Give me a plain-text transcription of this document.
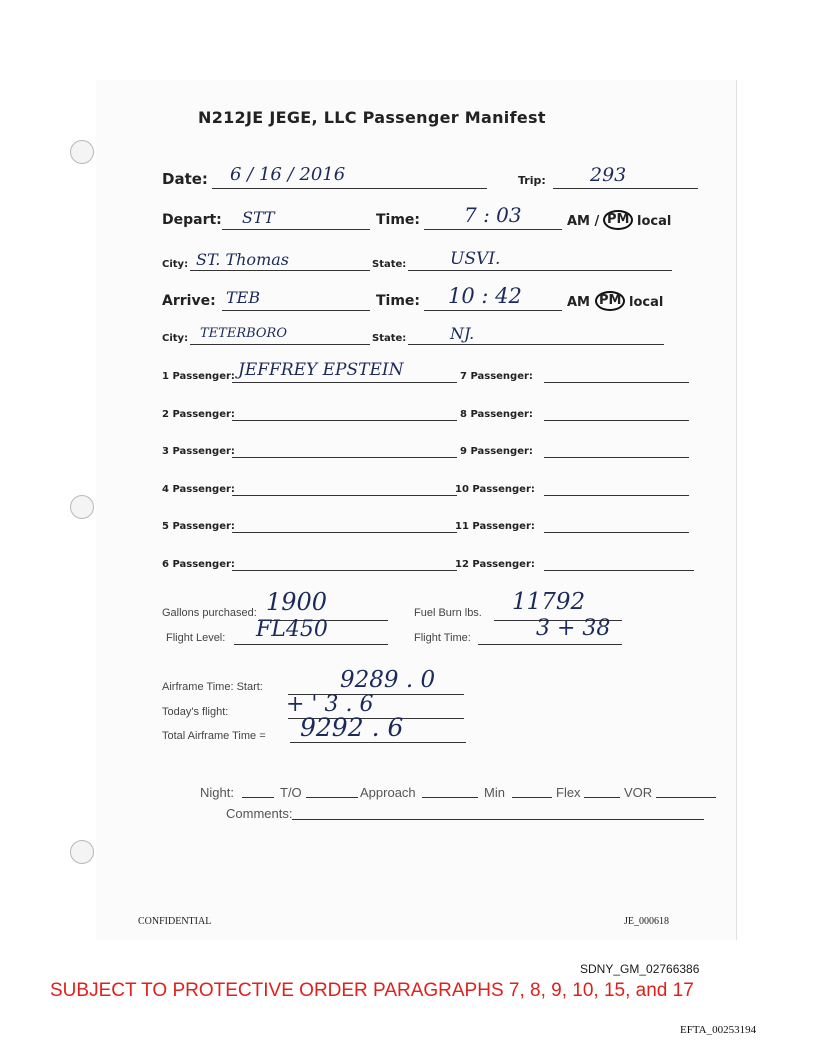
N212JE JEGE, LLC Passenger Manifest
Date: 6 / 16 / 2016	Trip: 293
Depart: STT	Time: 7 : 03	AM / PM local
City: ST. Thomas	State:	USVI.
Arrive: TEB	Time: 10 : 42	AM PM local
City: TETERBORO	State:	NJ.
1 Passenger: JEFFREY EPSTEIN
2 Passenger:
3 Passenger:
4 Passenger:
5 Passenger:
6 Passenger:
7 Passenger:
8 Passenger:
9 Passenger:
10 Passenger:
11 Passenger:
12 Passenger:
Gallons purchased: 1900	Fuel Burn lbs. 11792
Flight Level: FL450	Flight Time:	3 + 38
Airframe Time: Start:	9289 . 0
Today's flight:	+ ' 3 . 6
Total Airframe Time = 9292 . 6
Night:	T/O	Approach	Min	Flex	VOR
Comments:
CONFIDENTIAL	JE_000618
SDNY_GM_02766386
SUBJECT TO PROTECTIVE ORDER PARAGRAPHS 7, 8, 9, 10, 15, and 17
EFTA_00253194
